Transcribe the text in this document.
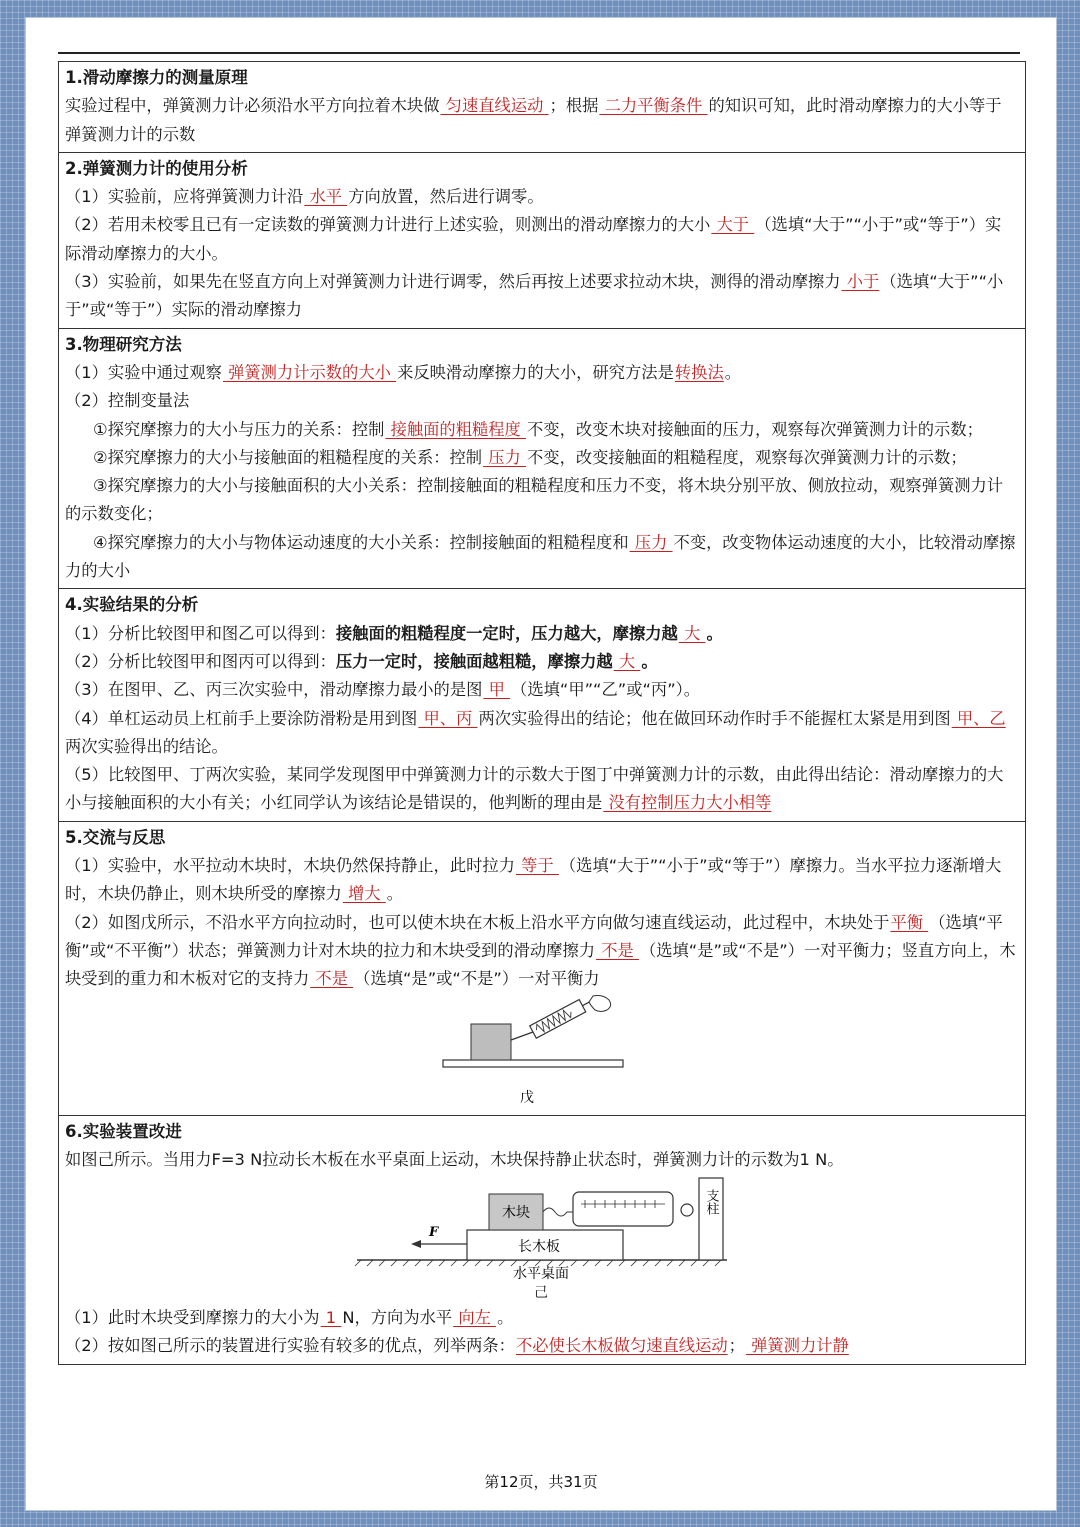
1.滑动摩擦力的测量原理
实验过程中，弹簧测力计必须沿水平方向拉着木块做 匀速直线运动 ；根据 二力平衡条件 的知识可知，此时滑动摩擦力的大小等于弹簧测力计的示数
2.弹簧测力计的使用分析
（1）实验前，应将弹簧测力计沿 水平 方向放置，然后进行调零。
（2）若用未校零且已有一定读数的弹簧测力计进行上述实验，则测出的滑动摩擦力的大小 大于 （选填“大于”“小于”或“等于”）实际滑动摩擦力的大小。
（3）实验前，如果先在竖直方向上对弹簧测力计进行调零，然后再按上述要求拉动木块，测得的滑动摩擦力 小于（选填“大于”“小于”或“等于”）实际的滑动摩擦力
3.物理研究方法
（1）实验中通过观察 弹簧测力计示数的大小 来反映滑动摩擦力的大小，研究方法是转换法。
（2）控制变量法
①探究摩擦力的大小与压力的关系：控制 接触面的粗糙程度 不变，改变木块对接触面的压力，观察每次弹簧测力计的示数；
②探究摩擦力的大小与接触面的粗糙程度的关系：控制 压力 不变，改变接触面的粗糙程度，观察每次弹簧测力计的示数；
③探究摩擦力的大小与接触面积的大小关系：控制接触面的粗糙程度和压力不变，将木块分别平放、侧放拉动，观察弹簧测力计的示数变化；
④探究摩擦力的大小与物体运动速度的大小关系：控制接触面的粗糙程度和 压力 不变，改变物体运动速度的大小，比较滑动摩擦力的大小
4.实验结果的分析
（1）分析比较图甲和图乙可以得到：接触面的粗糙程度一定时，压力越大，摩擦力越 大 。
（2）分析比较图甲和图丙可以得到：压力一定时，接触面越粗糙，摩擦力越 大 。
（3）在图甲、乙、丙三次实验中，滑动摩擦力最小的是图 甲 （选填“甲”“乙”或“丙”）。
（4）单杠运动员上杠前手上要涂防滑粉是用到图 甲、丙 两次实验得出的结论；他在做回环动作时手不能握杠太紧是用到图 甲、乙 两次实验得出的结论。
（5）比较图甲、丁两次实验，某同学发现图甲中弹簧测力计的示数大于图丁中弹簧测力计的示数，由此得出结论：滑动摩擦力的大小与接触面积的大小有关；小红同学认为该结论是错误的，他判断的理由是 没有控制压力大小相等
5.交流与反思
（1）实验中，水平拉动木块时，木块仍然保持静止，此时拉力 等于 （选填“大于”“小于”或“等于”）摩擦力。当水平拉力逐渐增大时，木块仍静止，则木块所受的摩擦力 增大 。
（2）如图戊所示，不沿水平方向拉动时，也可以使木块在木板上沿水平方向做匀速直线运动，此过程中，木块处于平衡 （选填“平衡”或“不平衡”）状态；弹簧测力计对木块的拉力和木块受到的滑动摩擦力 不是 （选填“是”或“不是”）一对平衡力；竖直方向上，木块受到的重力和木板对它的支持力 不是 （选填“是”或“不是”）一对平衡力
戊
6.实验装置改进
如图己所示。当用力F=3 N拉动长木板在水平桌面上运动，木块保持静止状态时，弹簧测力计的示数为1 N。
长木板
木块	支柱
F
水平桌面
己
（1）此时木块受到摩擦力的大小为 1 N，方向为水平 向左 。
（2）按如图己所示的装置进行实验有较多的优点，列举两条：不必使长木板做匀速直线运动； 弹簧测力计静
第12页，共31页
